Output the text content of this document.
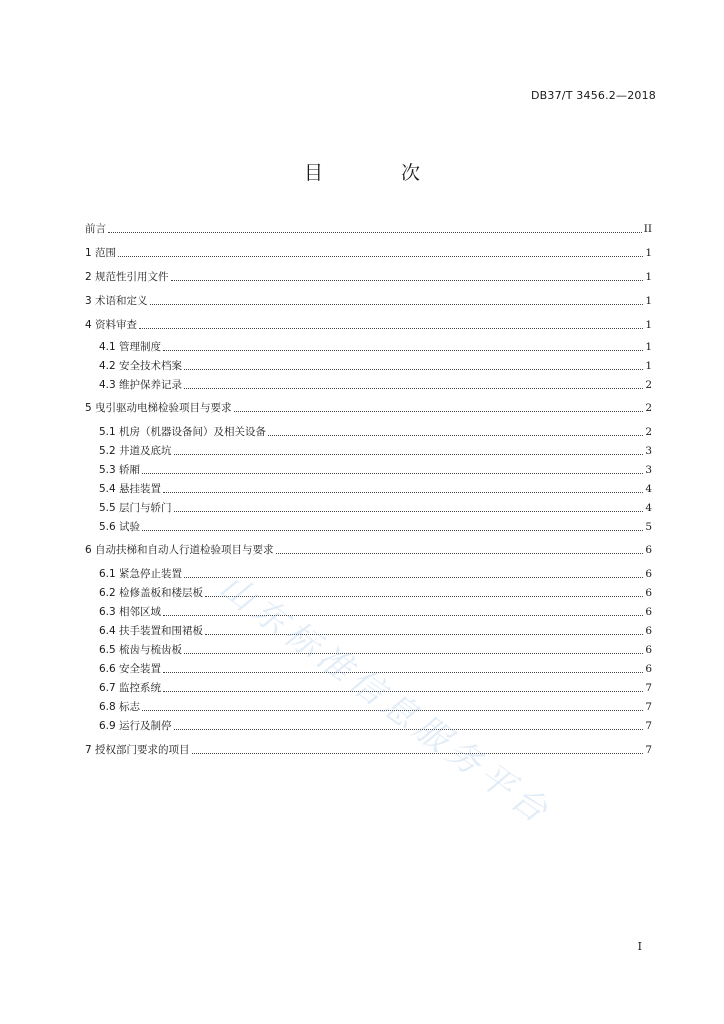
DB37/T 3456.2—2018
目 次
前言	II
1 范围	1
2 规范性引用文件	1
3 术语和定义	1
4 资料审查	1
4.1 管理制度	1
4.2 安全技术档案	1
4.3 维护保养记录	2
5 曳引驱动电梯检验项目与要求	2
5.1 机房（机器设备间）及相关设备	2
5.2 井道及底坑	3
5.3 轿厢	3
5.4 悬挂装置	4
5.5 层门与轿门	4
5.6 试验	5
6 自动扶梯和自动人行道检验项目与要求	6
6.1 紧急停止装置	6
6.2 检修盖板和楼层板	6
6.3 相邻区域	6
6.4 扶手装置和围裙板	6
6.5 梳齿与梳齿板	6
6.6 安全装置	6
6.7 监控系统	7
6.8 标志	7
6.9 运行及制停	7
7 授权部门要求的项目	7
山东标准信息服务平台
I
